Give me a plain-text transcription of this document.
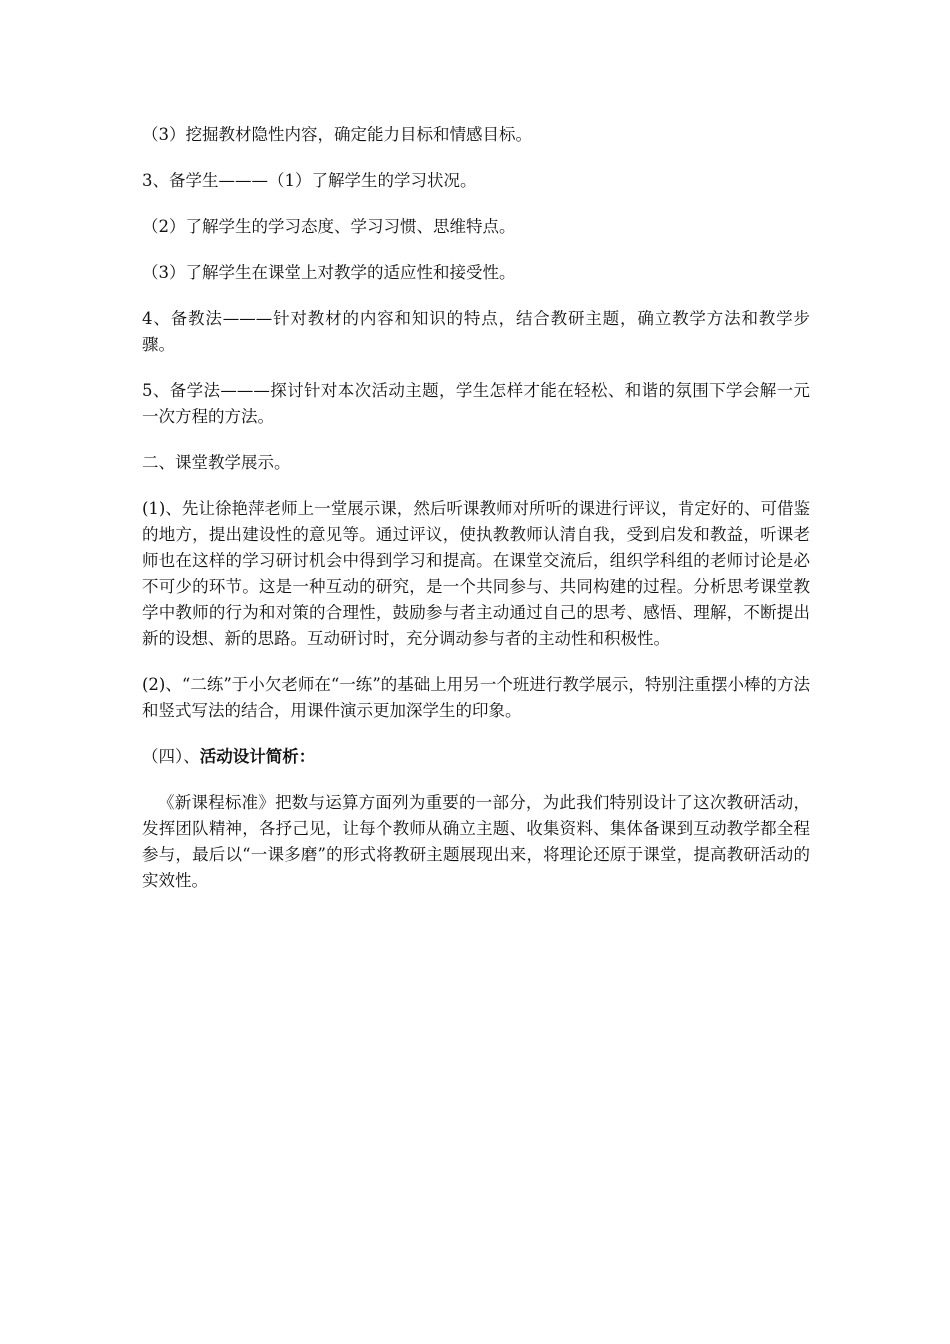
（3）挖掘教材隐性内容，确定能力目标和情感目标。

3、备学生———（1）了解学生的学习状况。

（2）了解学生的学习态度、学习习惯、思维特点。

（3）了解学生在课堂上对教学的适应性和接受性。

4、备教法———针对教材的内容和知识的特点，结合教研主题，确立教学方法和教学步骤。

5、备学法———探讨针对本次活动主题，学生怎样才能在轻松、和谐的氛围下学会解一元一次方程的方法。

二、课堂教学展示。

(1)、先让徐艳萍老师上一堂展示课，然后听课教师对所听的课进行评议，肯定好的、可借鉴的地方，提出建设性的意见等。通过评议，使执教教师认清自我，受到启发和教益，听课老师也在这样的学习研讨机会中得到学习和提高。在课堂交流后，组织学科组的老师讨论是必不可少的环节。这是一种互动的研究，是一个共同参与、共同构建的过程。分析思考课堂教学中教师的行为和对策的合理性，鼓励参与者主动通过自己的思考、感悟、理解，不断提出新的设想、新的思路。互动研讨时，充分调动参与者的主动性和积极性。

(2)、“二练”于小欠老师在“一练”的基础上用另一个班进行教学展示，特别注重摆小棒的方法和竖式写法的结合，用课件演示更加深学生的印象。

（四）、活动设计简析：

《新课程标准》把数与运算方面列为重要的一部分，为此我们特别设计了这次教研活动，发挥团队精神，各抒己见，让每个教师从确立主题、收集资料、集体备课到互动教学都全程参与，最后以“一课多磨”的形式将教研主题展现出来，将理论还原于课堂，提高教研活动的实效性。
